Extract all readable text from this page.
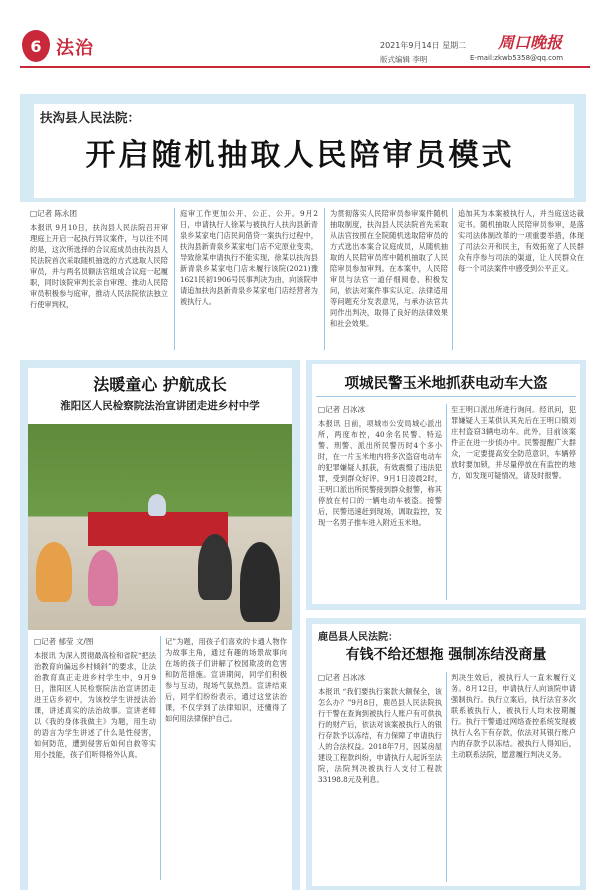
6 法治	2021年9月14日 星期二
版式编辑 李明
周口晚报
E-mail:zkwb5358@qq.com
扶沟县人民法院：
开启随机抽取人民陪审员模式
□记者 陈永团
本报讯 9月10日，扶沟县人民法院召开审理庭上开启一起执行异议案件，与以往不同的是，这次所选择的合议庭成员由扶沟县人民法院首次采取随机抽选的方式选取人民陪审员，并与两名员额法官组成合议庭一起履职，同时该院审判长亲自审理、推动人民陪审员积极参与庭审，推动人民法院依法独立行使审判权，
庭审工作更加公开、公正、公开。9月2日，申请执行人徐某与被执行人扶沟县新青泉乡某家电门店民间借贷一案执行过程中，扶沟县新青泉乡某家电门店不定原业变卖，导致徐某申请执行不能实现，徐某以扶沟县新青泉乡某家电门店未履行该院(2021)豫1621民初1906号民事判决为由，向该院申请追加扶沟县新青泉乡某家电门店经营者为被执行人。
为贯彻落实人民陪审员参审案件随机抽取制度，扶沟县人民法院首先采取从法官按照在全院随机选取陪审员的方式选出本案合议庭成员，从随机抽取的人民陪审员库中随机抽取了人民陪审员参加审判。在本案中，人民陪审员与法官一道仔细阅卷、积极发问，依法对案件事实认定、法律适用等问题充分发表意见，与承办法官共同作出判决，取得了良好的法律效果和社会效果。
追加其为本案被执行人，并当庭送达裁定书。随机抽取人民陪审员参审，是落实司法体制改革的一项重要举措，体现了司法公开和民主，有效拓宽了人民群众有序参与司法的渠道，让人民群众在每一个司法案件中感受到公平正义。
法暖童心 护航成长
淮阳区人民检察院法治宣讲团走进乡村中学
□记者 郁莹 文/图
本报讯 为深入贯彻最高检和省院“把法治教育向偏远乡村倾斜”的要求，让法治教育真正走进乡村学生中，9月9日，淮阳区人民检察院法治宣讲团走进王店乡初中，为该校学生讲授法治课，讲述真实的法治故事。宣讲老师以《我的身体我做主》为题，用生动的语言为学生讲述了什么是性侵害，如何防范，遭到侵害后如何自救等实用小技能，孩子们听得格外认真。
记”为题，用孩子们喜欢的卡通人物作为故事主角，通过有趣的场景故事向在场的孩子们讲解了校园欺凌的危害和防范措施。宣讲期间，同学们积极参与互动，现场气氛热烈。宣讲结束后，同学们纷纷表示，通过这堂法治课，不仅学到了法律知识，还懂得了如何用法律保护自己。
项城民警玉米地抓获电动车大盗
□记者 吕冰冰
本报讯 日前，项城市公安局城心派出所，两度布控，40余名民警、特巡警、刑警、派出所民警历时4个多小时，在一片玉米地内将多次盗窃电动车的犯罪嫌疑人抓获，有效震慑了违法犯罪，受到群众好评。9月1日凌晨2时，王明口派出所民警接到群众报警，称其停放在村口的一辆电动车被盗。接警后，民警迅速赶到现场，调取监控，发现一名男子推车进入附近玉米地。
至王明口派出所进行询问。经讯问，犯罪嫌疑人王某供认其先后在王明口镇刘庄村盗窃3辆电动车。此外，目前该案件正在进一步侦办中。民警提醒广大群众，一定要提高安全防范意识，车辆停放时要加锁，并尽量停放在有监控的地方，如发现可疑情况，请及时报警。
鹿邑县人民法院：
有钱不给还想拖 强制冻结没商量
□记者 吕冰冰
本报讯 “我们要执行案款大额保全，该怎么办？”9月8日，鹿邑县人民法院执行干警在查询到被执行人账户有可供执行的财产后，依法对该案被执行人的银行存款予以冻结，有力保障了申请执行人的合法权益。2018年7月，因某房屋建设工程款纠纷，申请执行人起诉至法院，法院判决被执行人支付工程款33198.8元及利息。
判决生效后，被执行人一直未履行义务。8月12日，申请执行人向该院申请强制执行。执行立案后，执行法官多次联系被执行人，被执行人均未按期履行。执行干警通过网络查控系统发现被执行人名下有存款，依法对其银行账户内的存款予以冻结。被执行人得知后，主动联系法院，愿意履行判决义务。
